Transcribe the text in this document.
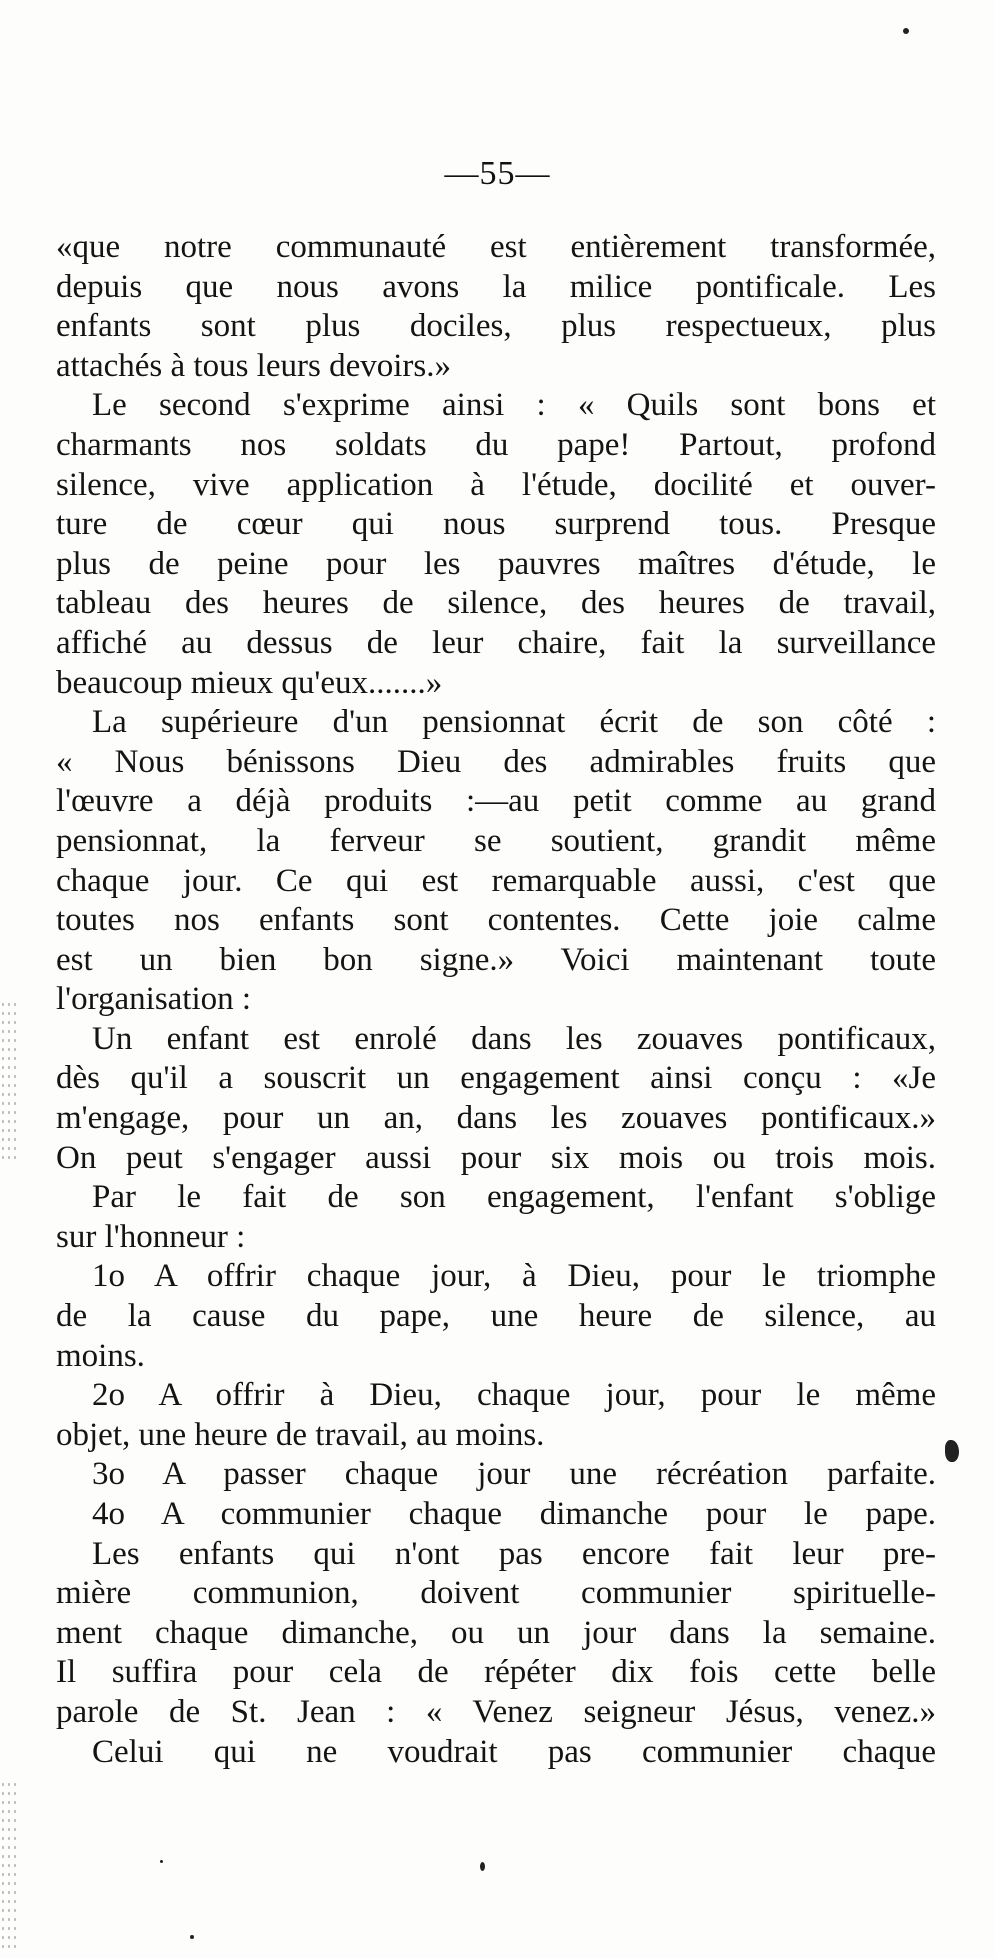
—55—
«que notre communauté est entièrement transformée,
depuis que nous avons la milice pontificale. Les
enfants sont plus dociles, plus respectueux, plus
attachés à tous leurs devoirs.»
Le second s'exprime ainsi : « Quils sont bons et
charmants nos soldats du pape! Partout, profond
silence, vive application à l'étude, docilité et ouver-
ture de cœur qui nous surprend tous. Presque
plus de peine pour les pauvres maîtres d'étude, le
tableau des heures de silence, des heures de travail,
affiché au dessus de leur chaire, fait la surveillance
beaucoup mieux qu'eux.......»
La supérieure d'un pensionnat écrit de son côté :
« Nous bénissons Dieu des admirables fruits que
l'œuvre a déjà produits :—au petit comme au grand
pensionnat, la ferveur se soutient, grandit même
chaque jour. Ce qui est remarquable aussi, c'est que
toutes nos enfants sont contentes. Cette joie calme
est un bien bon signe.» Voici maintenant toute
l'organisation :
Un enfant est enrolé dans les zouaves pontificaux,
dès qu'il a souscrit un engagement ainsi conçu : «Je
m'engage, pour un an, dans les zouaves pontificaux.»
On peut s'engager aussi pour six mois ou trois mois.
Par le fait de son engagement, l'enfant s'oblige
sur l'honneur :
1o A offrir chaque jour, à Dieu, pour le triomphe
de la cause du pape, une heure de silence, au
moins.
2o A offrir à Dieu, chaque jour, pour le même
objet, une heure de travail, au moins.
3o A passer chaque jour une récréation parfaite.
4o A communier chaque dimanche pour le pape.
Les enfants qui n'ont pas encore fait leur pre-
mière communion, doivent communier spirituelle-
ment chaque dimanche, ou un jour dans la semaine.
Il suffira pour cela de répéter dix fois cette belle
parole de St. Jean : « Venez seigneur Jésus, venez.»
Celui qui ne voudrait pas communier chaque
